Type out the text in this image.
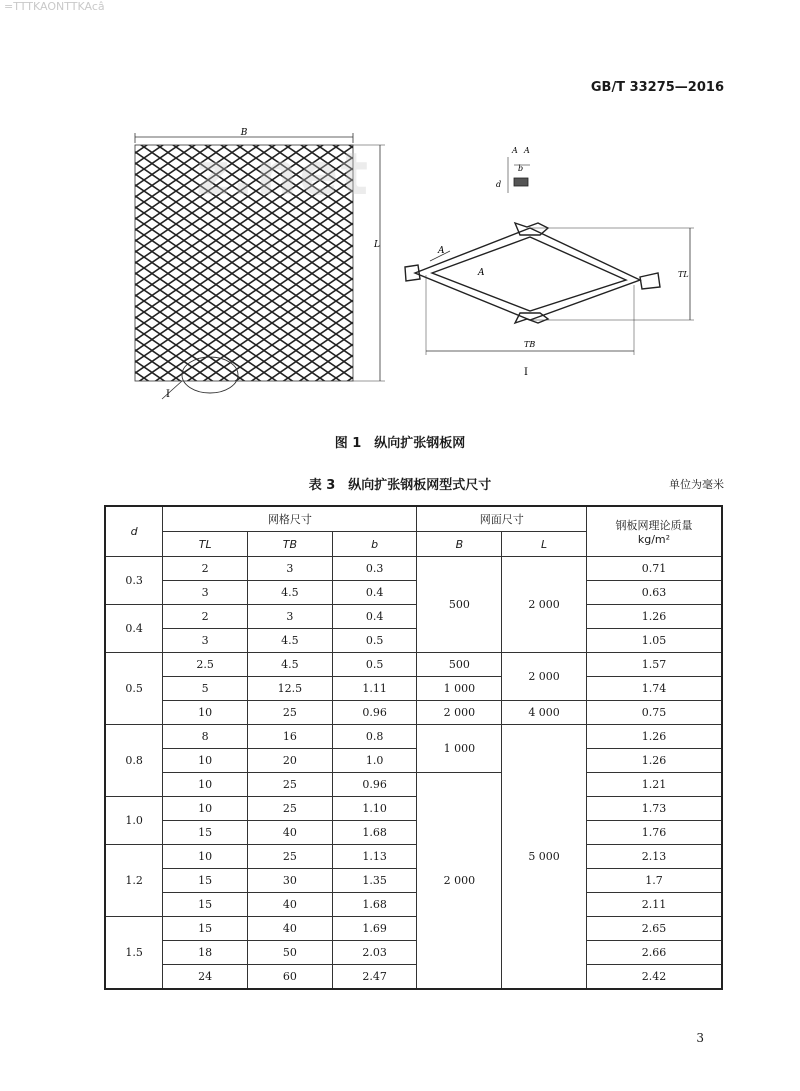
=TTTKAONTTKAcâ
GB/T 33275—2016
B
L
I
A
A
A A
b
d
TL
TB
I
z.net
图 1　纵向扩张钢板网
表 3　纵向扩张钢板网型式尺寸	单位为毫米
d	网格尺寸			网面尺寸		钢板网理论质量
kg/m²

	TL	TB	b	B	L	
0.3	2	3	0.3	500	2 000	0.71
	3	4.5	0.4			0.63
0.4	2	3	0.4			1.26
	3	4.5	0.5			1.05
0.5	2.5	4.5	0.5	500	2 000	1.57
	5	12.5	1.11	1 000		1.74
	10	25	0.96	2 000	4 000	0.75
0.8	8	16	0.8	1 000	5 000	1.26
	10	20	1.0			1.26
	10	25	0.96	2 000		1.21
1.0	10	25	1.10			1.73
	15	40	1.68			1.76
1.2	10	25	1.13			2.13
	15	30	1.35			1.7
	15	40	1.68			2.11
1.5	15	40	1.69			2.65
	18	50	2.03			2.66
	24	60	2.47			2.42
3
